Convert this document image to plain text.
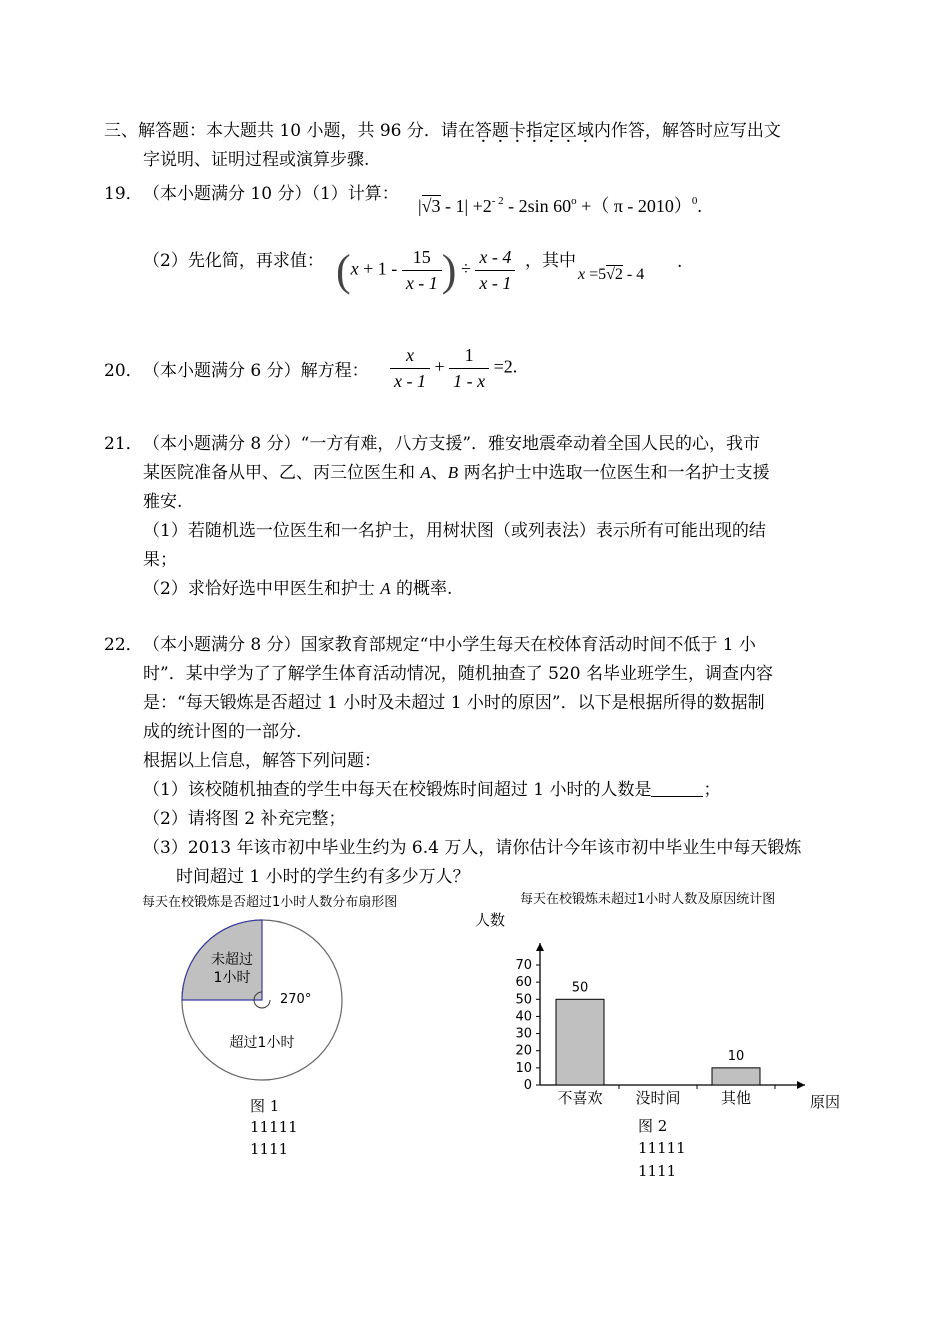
三、解答题：本大题共 10 小题，共 96 分．请在答题卡指定区域内作答，解答时应写出文
字说明、证明过程或演算步骤.
19． （本小题满分 10 分）（1）计算：
$|√3 - 1| +2^{- 2} - 2\sin$ $60^o$ +（ π - 2010）$^0$.
（2）先化简，再求值： ($x + 1 - \frac{15}{x - 1}$ ) ÷ $\frac{x - 4}{x - 1}$ ，其中
x =5√2 - 4
.
20． （本小题满分 6 分）解方程： $\frac{x}{x - 1} + \frac{1}{1 - x} =2$.
21． （本小题满分 8 分）“一方有难，八方支援”．雅安地震牵动着全国人民的心，我市
某医院准备从甲、乙、丙三位医生和 A、B 两名护士中选取一位医生和一名护士支援
雅安.
（1）若随机选一位医生和一名护士，用树状图（或列表法）表示所有可能出现的结
果；
（2）求恰好选中甲医生和护士 A 的概率.
22． （本小题满分 8 分）国家教育部规定“中小学生每天在校体育活动时间不低于 1 小
时”．某中学为了了解学生体育活动情况，随机抽查了 520 名毕业班学生，调查内容
是：“每天锻炼是否超过 1 小时及未超过 1 小时的原因”．以下是根据所得的数据制
成的统计图的一部分.
根据以上信息，解答下列问题：
（1）该校随机抽查的学生中每天在校锻炼时间超过 1 小时的人数是	；
（2）请将图 2 补充完整；
（3）2013 年该市初中毕业生约为 6.4 万人，请你估计今年该市初中毕业生中每天锻炼
时间超过 1 小时的学生约有多少万人？
每天在校锻炼是否超过1小时人数分布扇形图
未超过
1小时
270°
超过1小时
图 1
11111
1111
每天在校锻炼未超过1小时人数及原因统计图
人数
0
10
20
30
40
50
60
70
50
不喜欢 没时间
10
其他	原因
图 2
11111
1111
